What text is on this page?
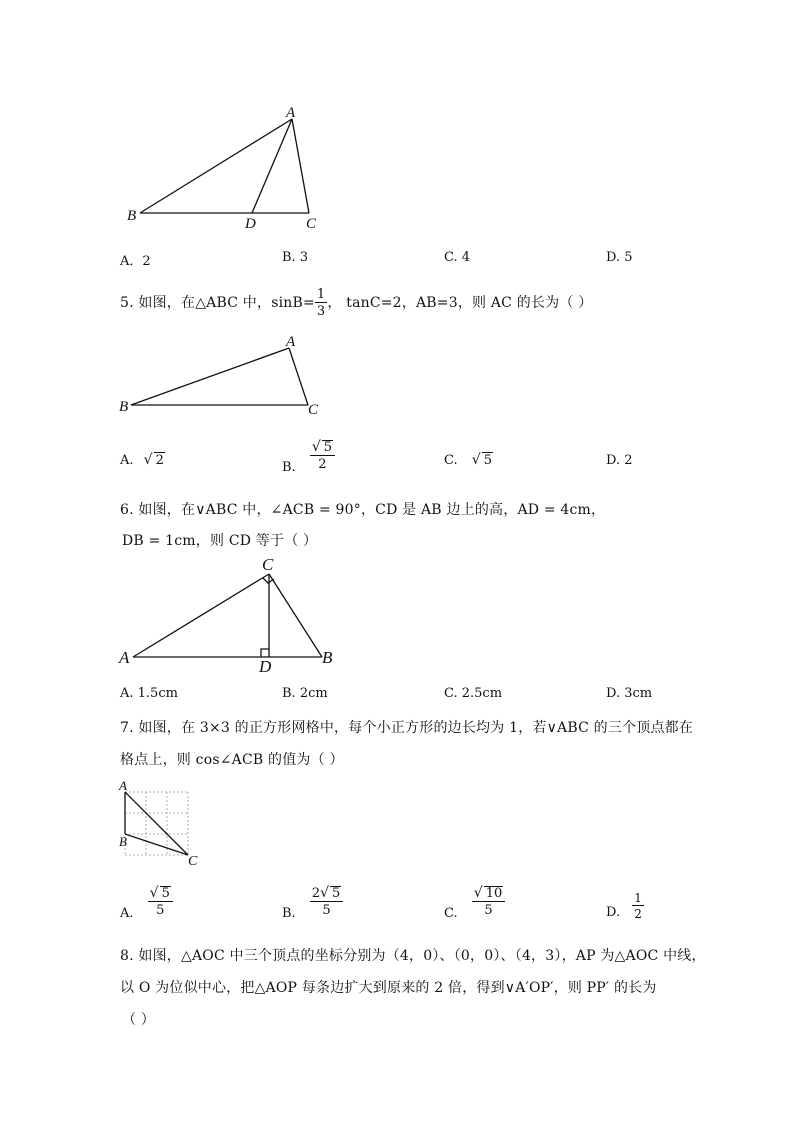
A
B	D	C
A．2	B. 3	C. 4	D. 5
5. 如图，在△ABC 中，$\sin B= \frac{1}{3}$ ， tanC=2，AB=3，则 AC 的长为（ ）
A
B	C
A. √ 2	B. $\frac{√ 5}{2}$	C. √ 5	D. 2
6. 如图，在∨ABC 中，∠ACB = 90°，CD 是 AB 边上的高，AD = 4cm，
DB = 1cm，则 CD 等于（ ）
C
A	D	B
A. 1.5cm	B. 2cm	C. 2.5cm	D. 3cm
7. 如图，在 3×3 的正方形网格中，每个小正方形的边长均为 1，若∨ABC 的三个顶点都在
格点上，则 cos∠ACB 的值为（ ）
A
B
C
A. $\frac{√ 5}{5}$	B. $\frac{2√ 5}{5}$	C. $\frac{√ 10}{5}$	D. $\frac{1}{2}$
8. 如图，△AOC 中三个顶点的坐标分别为（4，0）、（0，0）、（4，3），AP 为△AOC 中线，
以 O 为位似中心，把△AOP 每条边扩大到原来的 2 倍，得到∨A′OP′，则 PP′ 的长为
（ ）
